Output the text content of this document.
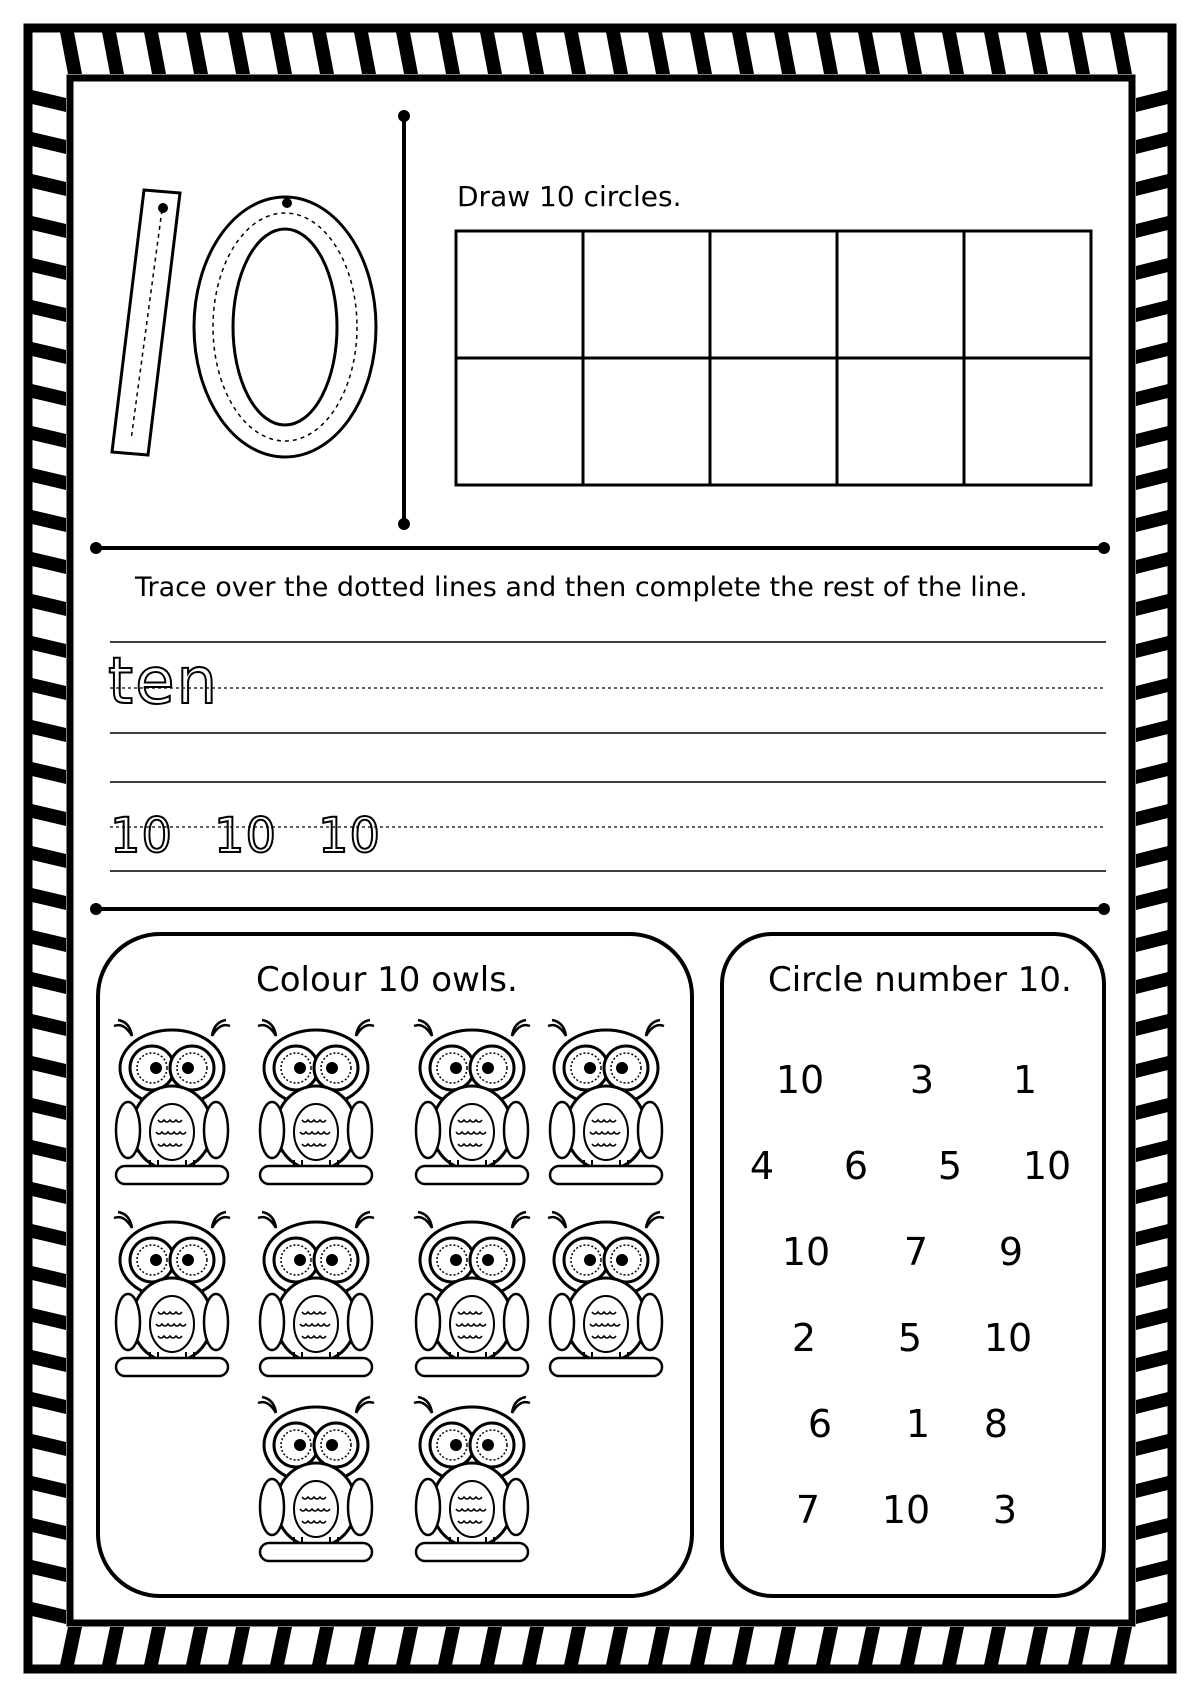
Draw 10 circles.
Trace over the dotted lines and then complete the rest of the line.
ten
10 10 10
Colour 10 owls.	Circle number 10.
10 3 1
4 6 5 10
10 7 9
2 5 10
6 1 8
7 10 3
